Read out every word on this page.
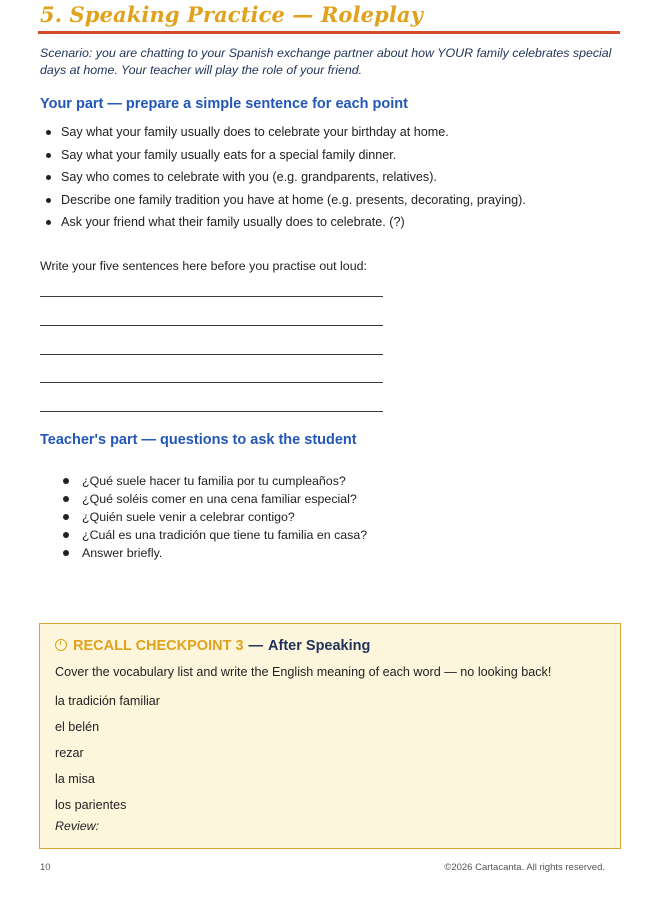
5. Speaking Practice — Roleplay

Scenario: you are chatting to your Spanish exchange partner about how YOUR family celebrates special days at home. Your teacher will play the role of your friend.

Your part — prepare a simple sentence for each point
Say what your family usually does to celebrate your birthday at home.
Say what your family usually eats for a special family dinner.
Say who comes to celebrate with you (e.g. grandparents, relatives).
Describe one family tradition you have at home (e.g. presents, decorating, praying).
Ask your friend what their family usually does to celebrate. (?)

Write your five sentences here before you practise out loud:

Teacher's part — questions to ask the student
¿Qué suele hacer tu familia por tu cumpleaños?
¿Qué soléis comer en una cena familiar especial?
¿Quién suele venir a celebrar contigo?
¿Cuál es una tradición que tiene tu familia en casa?
Answer briefly.
RECALL CHECKPOINT 3 — After Speaking

Cover the vocabulary list and write the English meaning of each word — no looking back!

la tradición familiar
el belén
rezar
la misa
los parientes

Review:

10	©2026 Cartacanta. All rights reserved.
